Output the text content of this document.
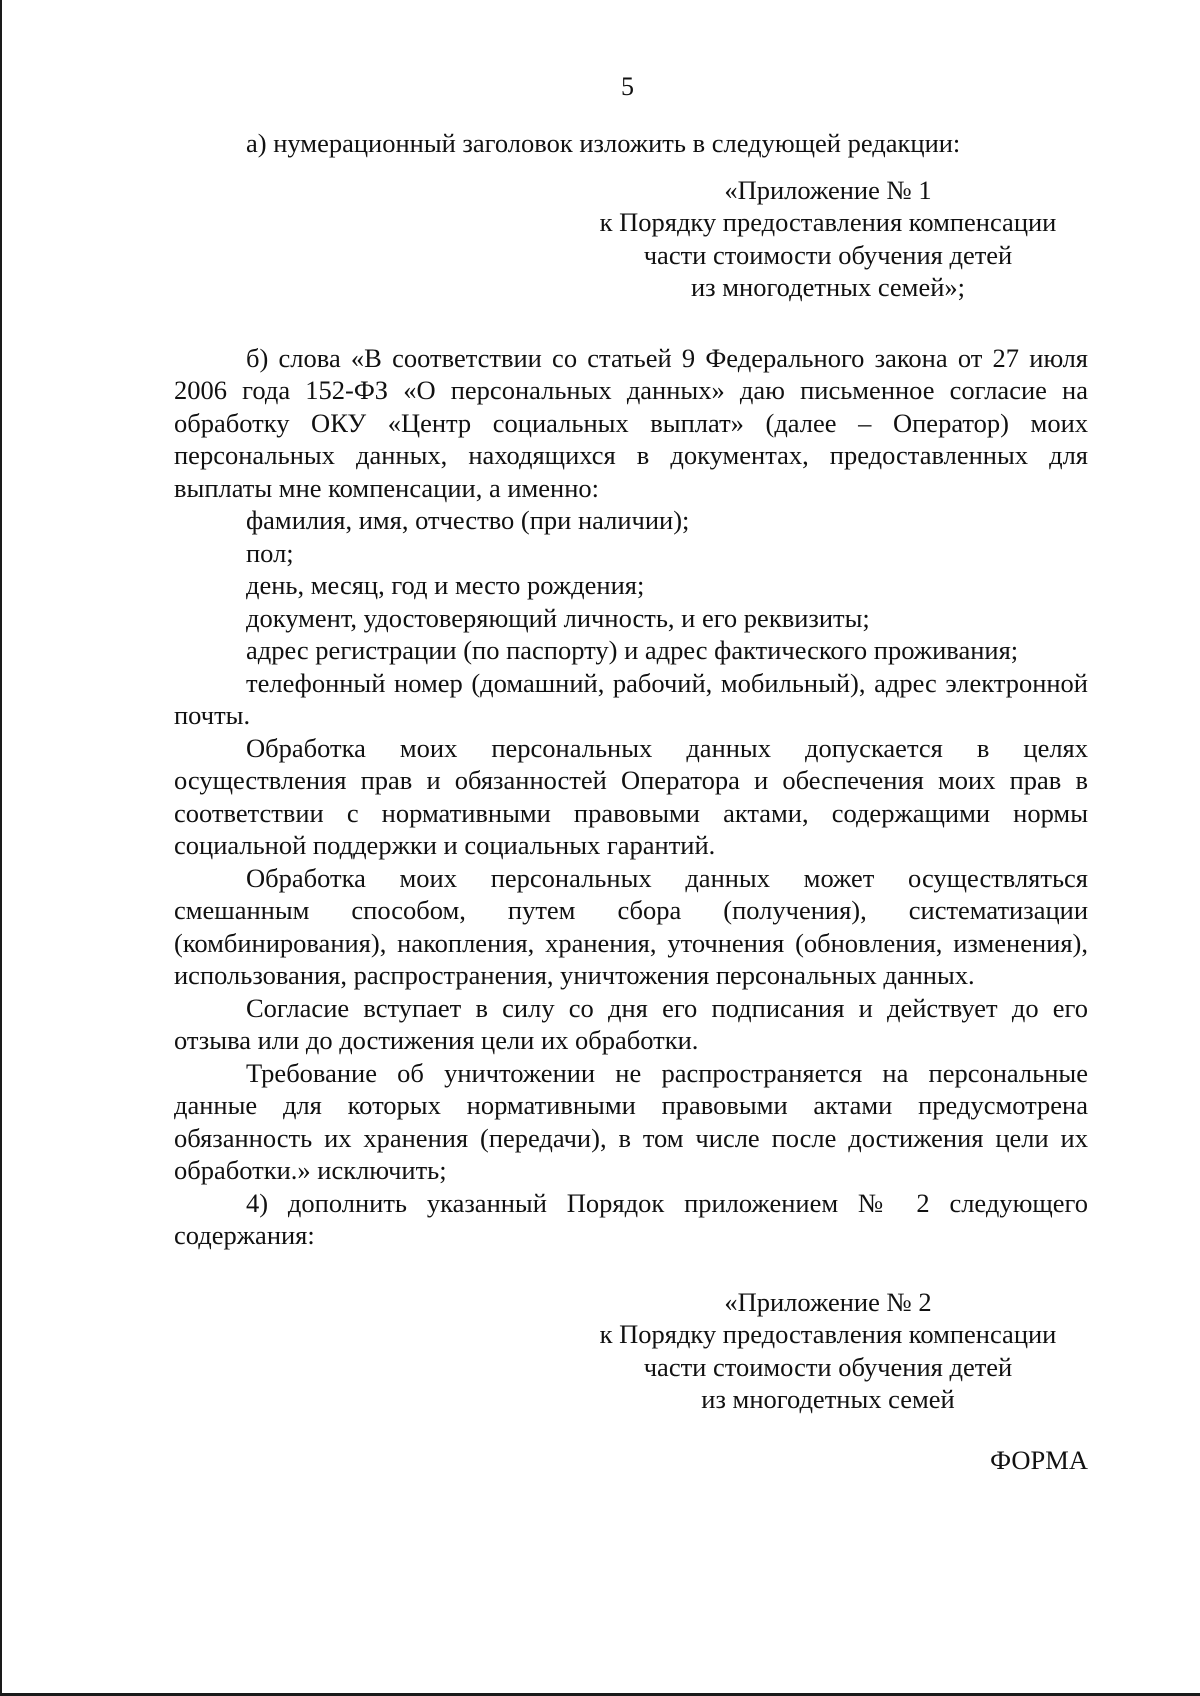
5

а) нумерационный заголовок изложить в следующей редакции:

«Приложение № 1
к Порядку предоставления компенсации
части стоимости обучения детей
из многодетных семей»;

б) слова «В соответствии со статьей 9 Федерального закона от 27 июля 2006 года 152-ФЗ «О персональных данных» даю письменное согласие на обработку ОКУ «Центр социальных выплат» (далее – Оператор) моих персональных данных, находящихся в документах, предоставленных для выплаты мне компенсации, а именно:

фамилия, имя, отчество (при наличии);

пол;

день, месяц, год и место рождения;

документ, удостоверяющий личность, и его реквизиты;

адрес регистрации (по паспорту) и адрес фактического проживания;

телефонный номер (домашний, рабочий, мобильный), адрес электронной почты.

Обработка моих персональных данных допускается в целях осуществления прав и обязанностей Оператора и обеспечения моих прав в соответствии с нормативными правовыми актами, содержащими нормы социальной поддержки и социальных гарантий.

Обработка моих персональных данных может осуществляться смешанным способом, путем сбора (получения), систематизации (комбинирования), накопления, хранения, уточнения (обновления, изменения), использования, распространения, уничтожения персональных данных.

Согласие вступает в силу со дня его подписания и действует до его отзыва или до достижения цели их обработки.

Требование об уничтожении не распространяется на персональные данные для которых нормативными правовыми актами предусмотрена обязанность их хранения (передачи), в том числе после достижения цели их обработки.» исключить;

4) дополнить указанный Порядок приложением № 2 следующего содержания:

«Приложение № 2
к Порядку предоставления компенсации
части стоимости обучения детей
из многодетных семей

ФОРМА
